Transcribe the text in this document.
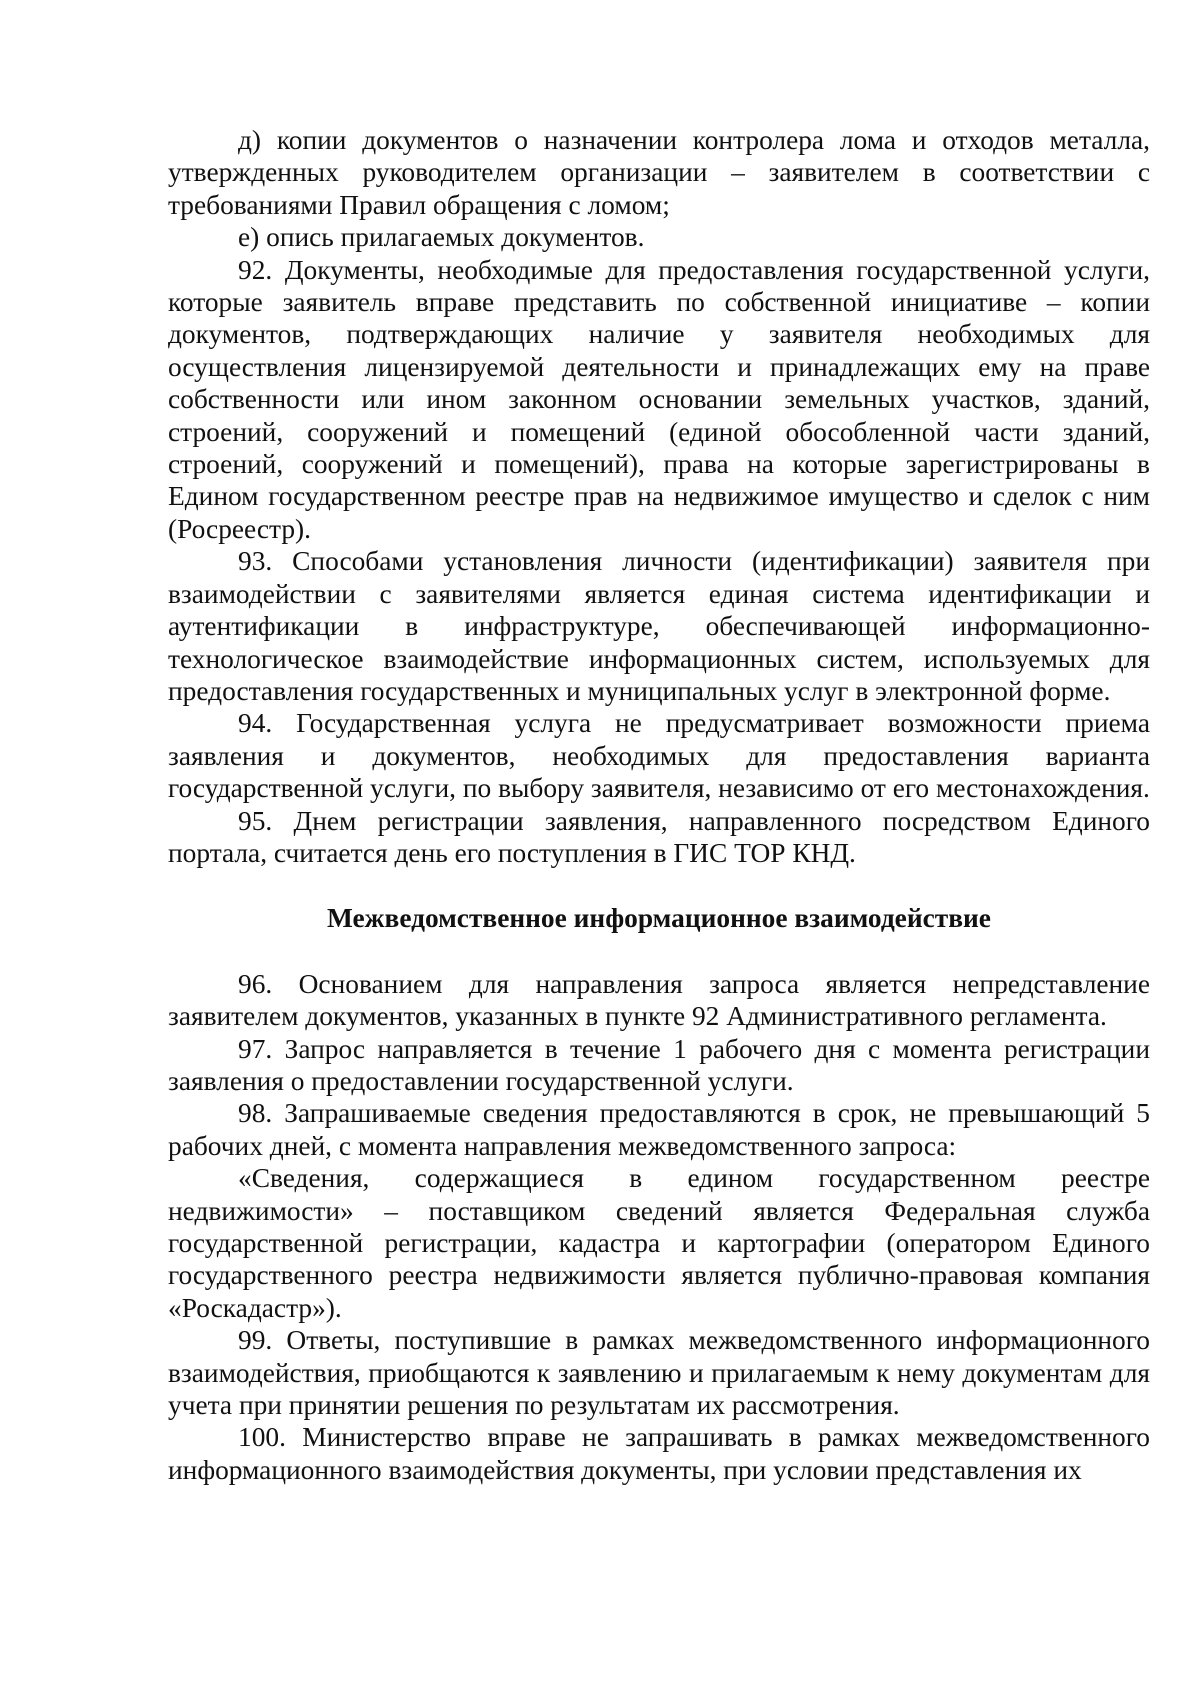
д) копии документов о назначении контролера лома и отходов металла, утвержденных руководителем организации – заявителем в соответствии с требованиями Правил обращения с ломом;

е) опись прилагаемых документов.

92. Документы, необходимые для предоставления государственной услуги, которые заявитель вправе представить по собственной инициативе – копии документов, подтверждающих наличие у заявителя необходимых для осуществления лицензируемой деятельности и принадлежащих ему на праве собственности или ином законном основании земельных участков, зданий, строений, сооружений и помещений (единой обособленной части зданий, строений, сооружений и помещений), права на которые зарегистрированы в Едином государственном реестре прав на недвижимое имущество и сделок с ним (Росреестр).

93. Способами установления личности (идентификации) заявителя при взаимодействии с заявителями является единая система идентификации и аутентификации в инфраструктуре, обеспечивающей информационно-технологическое взаимодействие информационных систем, используемых для предоставления государственных и муниципальных услуг в электронной форме.

94. Государственная услуга не предусматривает возможности приема заявления и документов, необходимых для предоставления варианта государственной услуги, по выбору заявителя, независимо от его местонахождения.

95. Днем регистрации заявления, направленного посредством Единого портала, считается день его поступления в ГИС ТОР КНД.

Межведомственное информационное взаимодействие

96. Основанием для направления запроса является непредставление заявителем документов, указанных в пункте 92 Административного регламента.

97. Запрос направляется в течение 1 рабочего дня с момента регистрации заявления о предоставлении государственной услуги.

98. Запрашиваемые сведения предоставляются в срок, не превышающий 5 рабочих дней, с момента направления межведомственного запроса:

«Сведения, содержащиеся в едином государственном реестре недвижимости» – поставщиком сведений является Федеральная служба государственной регистрации, кадастра и картографии (оператором Единого государственного реестра недвижимости является публично-правовая компания «Роскадастр»).

99. Ответы, поступившие в рамках межведомственного информационного взаимодействия, приобщаются к заявлению и прилагаемым к нему документам для учета при принятии решения по результатам их рассмотрения.

100. Министерство вправе не запрашивать в рамках межведомственного информационного взаимодействия документы, при условии представления их
